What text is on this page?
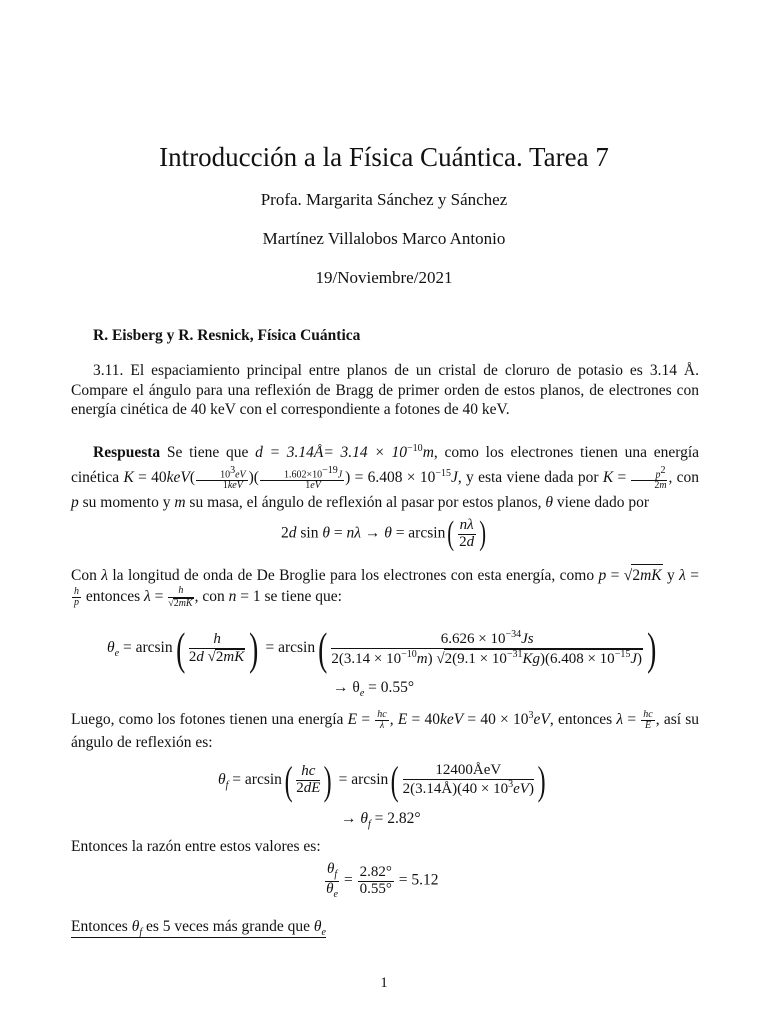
Introducción a la Física Cuántica. Tarea 7
Profa. Margarita Sánchez y Sánchez
Martínez Villalobos Marco Antonio
19/Noviembre/2021
R. Eisberg y R. Resnick, Física Cuántica
3.11. El espaciamiento principal entre planos de un cristal de cloruro de potasio es 3.14 Å. Compare el ángulo para una reflexión de Bragg de primer orden de estos planos, de electrones con energía cinética de 40 keV con el correspondiente a fotones de 40 keV.
Respuesta Se tiene que d = 3.14Å= $3.14 \times 10^{-10}m$, como los electrones tienen una energía cinética $K = 40keV( \frac{10^3eV}{\text{1keV}}$ )( $\frac{1.602\times 10^{-19}J}{1eV}$ ) = $6.408 \times 10^{-15}J$, y esta viene dada por $K = \frac{p^2}{2m}$ , con p su momento y m su masa, el ángulo de reflexión al pasar por estos planos, θ viene dado por
2d $\sin \theta = n\lambda \to \theta = \arcsin( \frac{n\lambda}{2d}$ )
Con λ la longitud de onda de De Broglie para los electrones con esta energía, como p = √2mK y λ =
$\frac{h}{p}$ entonces $\lambda = \frac{h}{√2mK}$ , con n = 1 se tiene que:
$\theta_e = \arcsin( \frac{h}{2d √2mK}$ ) = $\arcsin( \frac{6.626 \times 10^{-34}Js}{2(3.14 \times 10^{-10}m) √2(9.1 \times 10^{-31}Kg)(6.408 \times 10^{-15}J)}$ )
→ $\theta_e = 0.55^\circ$
Luego, como los fotones tienen una energía $E = \frac{hc}{\lambda}$ , $E = 40keV = 40 \times 10^3eV$, entonces $\lambda = \frac{hc}{E}$ , así su ángulo de reflexión es:
$\theta_f = \arcsin( \frac{hc}{2dE}$ ) = $\arcsin( \frac{\text{12400ÅeV}}{2(3.14Å)(40 \times 10^3eV)}$ )
→ $\theta_f = 2.82^\circ$
Entonces la razón entre estos valores es:
$\frac{\theta_f}{\theta_e} = \frac{2.82^\circ}{0.55^\circ} = 5.12$
Entonces $\theta_f$ es 5 veces más grande que $\theta_e$
1
